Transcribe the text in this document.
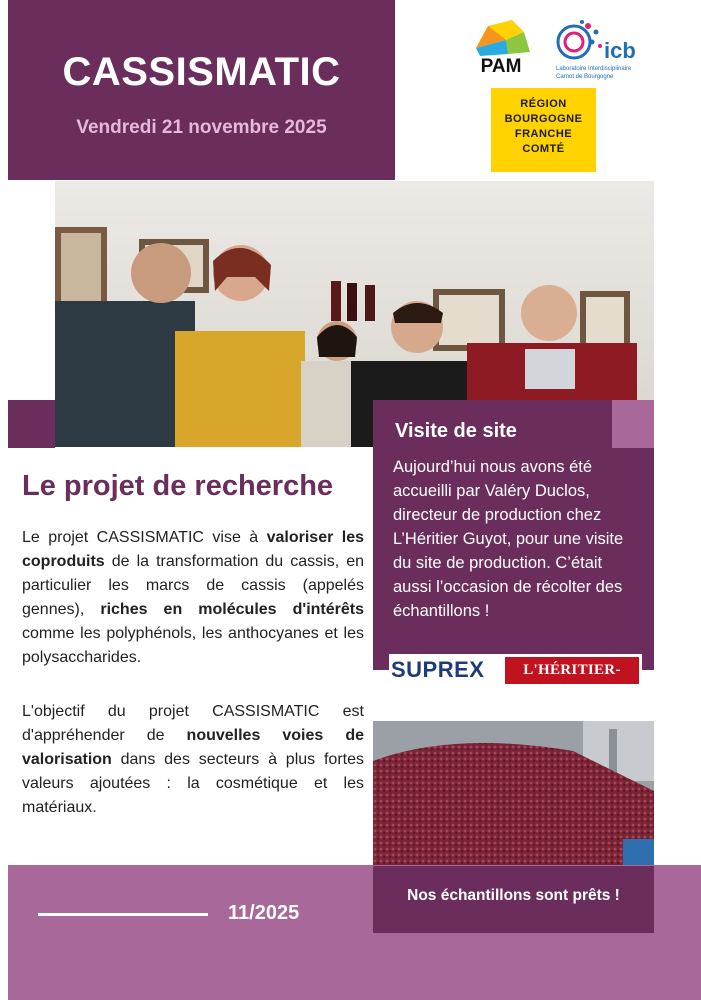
CASSISMATIC
Vendredi 21 novembre 2025
PAM
icb
Laboratoire Interdisciplinaire
Carnot de Bourgogne
RÉGION
BOURGOGNE
FRANCHE
COMTÉ
Le projet de recherche
Le projet CASSISMATIC vise à valoriser les coproduits de la transformation du cassis, en particulier les marcs de cassis (appelés gennes), riches en molécules d'intérêts comme les polyphénols, les anthocyanes et les polysaccharides.
L'objectif du projet CASSISMATIC est d'appréhender de nouvelles voies de valorisation dans des secteurs à plus fortes valeurs ajoutées : la cosmétique et les matériaux.
Visite de site
Aujourd’hui nous avons été accueilli par Valéry Duclos, directeur de production chez L’Héritier Guyot, pour une visite du site de production. C’était aussi l’occasion de récolter des échantillons !
SUPREX	L'HÉRITIER-GUYOT
11/2025
Nos échantillons sont prêts !
